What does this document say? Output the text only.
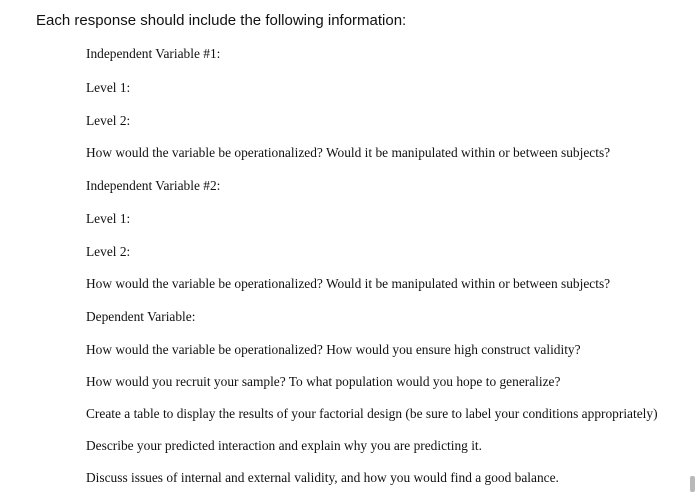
Each response should include the following information:
Independent Variable #1:
Level 1:
Level 2:
How would the variable be operationalized? Would it be manipulated within or between subjects?
Independent Variable #2:
Level 1:
Level 2:
How would the variable be operationalized? Would it be manipulated within or between subjects?
Dependent Variable:
How would the variable be operationalized? How would you ensure high construct validity?
How would you recruit your sample? To what population would you hope to generalize?
Create a table to display the results of your factorial design (be sure to label your conditions appropriately)
Describe your predicted interaction and explain why you are predicting it.
Discuss issues of internal and external validity, and how you would find a good balance.
